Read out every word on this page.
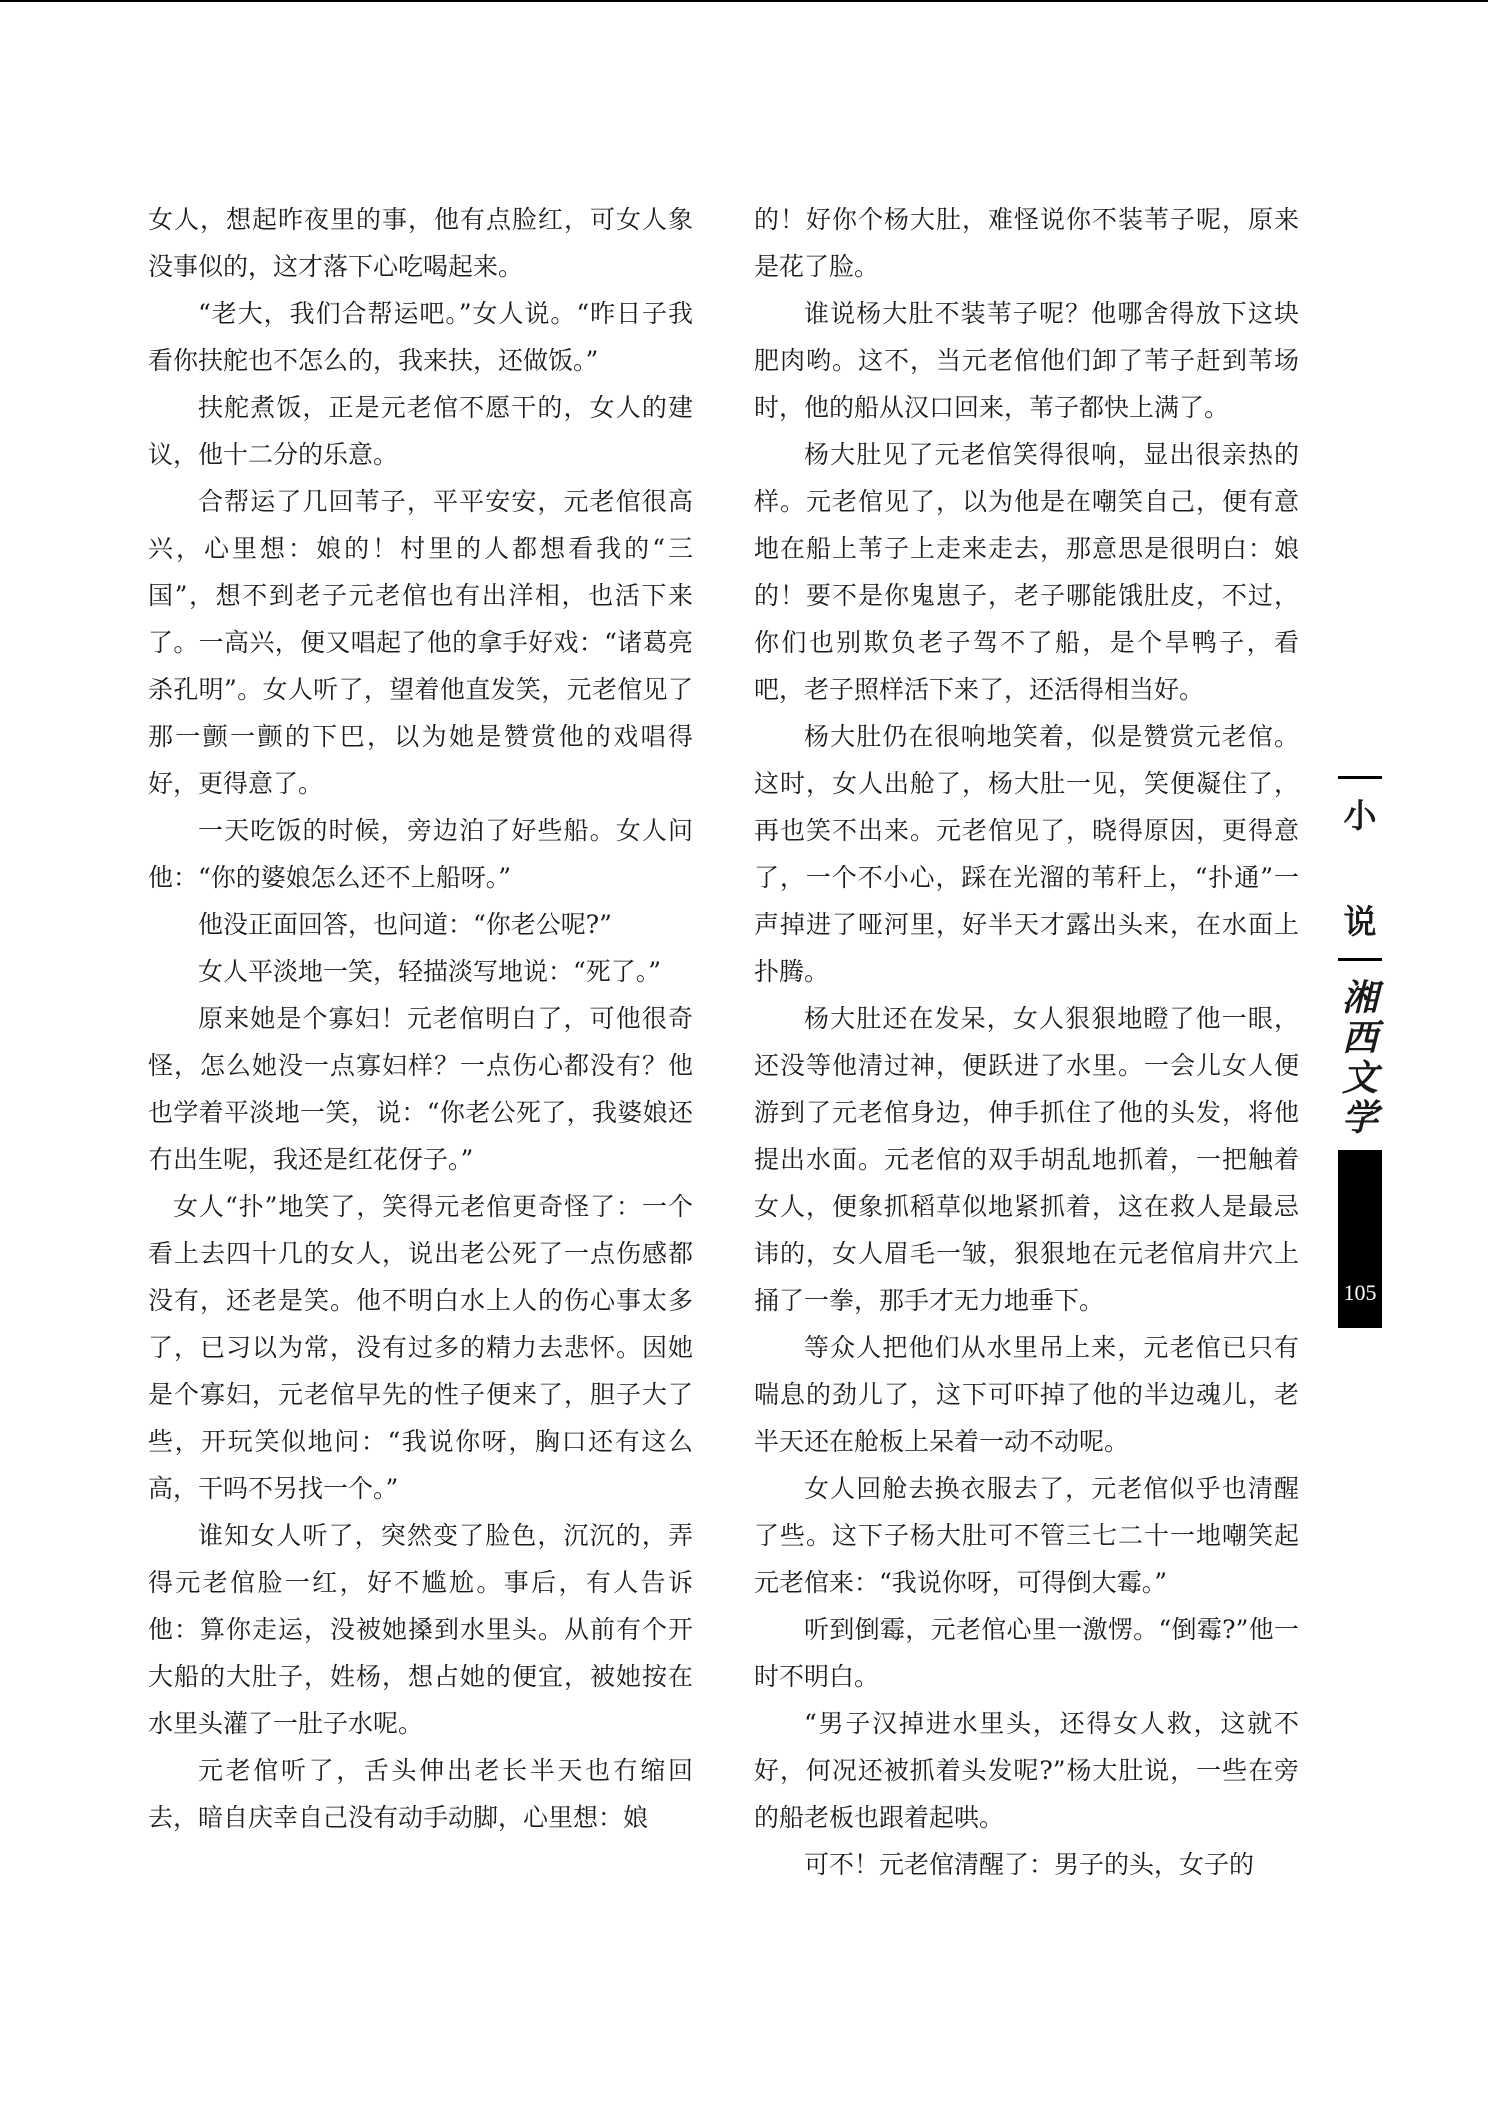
女人，想起昨夜里的事，他有点脸红，可女人象没事似的，这才落下心吃喝起来。

“老大，我们合帮运吧。”女人说。“昨日子我看你扶舵也不怎么的，我来扶，还做饭。”

扶舵煮饭，正是元老倌不愿干的，女人的建议，他十二分的乐意。

合帮运了几回苇子，平平安安，元老倌很高兴，心里想：娘的！村里的人都想看我的“三国”，想不到老子元老倌也有出洋相，也活下来了。一高兴，便又唱起了他的拿手好戏：“诸葛亮杀孔明”。女人听了，望着他直发笑，元老倌见了那一颤一颤的下巴，以为她是赞赏他的戏唱得好，更得意了。

一天吃饭的时候，旁边泊了好些船。女人问他：“你的婆娘怎么还不上船呀。”

他没正面回答，也问道：“你老公呢?”

女人平淡地一笑，轻描淡写地说：“死了。”

原来她是个寡妇！元老倌明白了，可他很奇怪，怎么她没一点寡妇样？一点伤心都没有？他也学着平淡地一笑，说：“你老公死了，我婆娘还冇出生呢，我还是红花伢子。”

女人“扑”地笑了，笑得元老倌更奇怪了：一个看上去四十几的女人，说出老公死了一点伤感都没有，还老是笑。他不明白水上人的伤心事太多了，已习以为常，没有过多的精力去悲怀。因她是个寡妇，元老倌早先的性子便来了，胆子大了些，开玩笑似地问：“我说你呀，胸口还有这么高，干吗不另找一个。”

谁知女人听了，突然变了脸色，沉沉的，弄得元老倌脸一红，好不尴尬。事后，有人告诉他：算你走运，没被她搡到水里头。从前有个开大船的大肚子，姓杨，想占她的便宜，被她按在水里头灌了一肚子水呢。

元老倌听了，舌头伸出老长半天也冇缩回去，暗自庆幸自己没有动手动脚，心里想：娘

的！好你个杨大肚，难怪说你不装苇子呢，原来是花了脸。

谁说杨大肚不装苇子呢？他哪舍得放下这块肥肉哟。这不，当元老倌他们卸了苇子赶到苇场时，他的船从汉口回来，苇子都快上满了。

杨大肚见了元老倌笑得很响，显出很亲热的样。元老倌见了，以为他是在嘲笑自己，便有意地在船上苇子上走来走去，那意思是很明白：娘的！要不是你鬼崽子，老子哪能饿肚皮，不过，你们也别欺负老子驾不了船，是个旱鸭子，看吧，老子照样活下来了，还活得相当好。

杨大肚仍在很响地笑着，似是赞赏元老倌。这时，女人出舱了，杨大肚一见，笑便凝住了，再也笑不出来。元老倌见了，晓得原因，更得意了，一个不小心，踩在光溜的苇秆上，“扑通”一声掉进了哑河里，好半天才露出头来，在水面上扑腾。

杨大肚还在发呆，女人狠狠地瞪了他一眼，还没等他清过神，便跃进了水里。一会儿女人便游到了元老倌身边，伸手抓住了他的头发，将他提出水面。元老倌的双手胡乱地抓着，一把触着女人，便象抓稻草似地紧抓着，这在救人是最忌讳的，女人眉毛一皱，狠狠地在元老倌肩井穴上捅了一拳，那手才无力地垂下。

等众人把他们从水里吊上来，元老倌已只有喘息的劲儿了，这下可吓掉了他的半边魂儿，老半天还在舱板上呆着一动不动呢。

女人回舱去换衣服去了，元老倌似乎也清醒了些。这下子杨大肚可不管三七二十一地嘲笑起元老倌来：“我说你呀，可得倒大霉。”

听到倒霉，元老倌心里一激愣。“倒霉?”他一时不明白。

“男子汉掉进水里头，还得女人救，这就不好，何况还被抓着头发呢?”杨大肚说，一些在旁的船老板也跟着起哄。

可不！元老倌清醒了：男子的头，女子的

小
说
湘
西
文
学
105
